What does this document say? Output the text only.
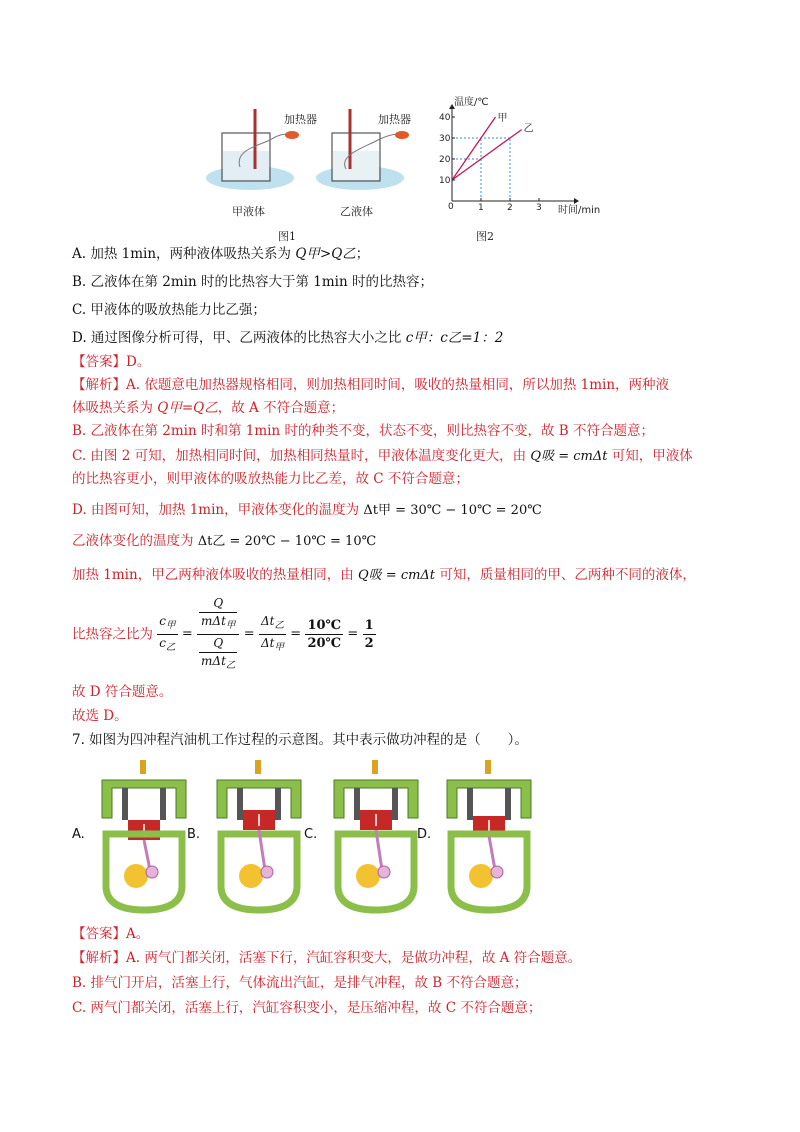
加热器	加热器
甲液体	乙液体
图1
1	2	3
10
20
30
40
温度/℃
时间/min
0
甲
乙
图2
A. 加热 1min，两种液体吸热关系为 Q甲>Q乙；
B. 乙液体在第 2min 时的比热容大于第 1min 时的比热容；
C. 甲液体的吸放热能力比乙强；
D. 通过图像分析可得，甲、乙两液体的比热容大小之比 c甲：c乙=1：2
【答案】D。
【解析】A. 依题意电加热器规格相同，则加热相同时间，吸收的热量相同，所以加热 1min，两种液
体吸热关系为 Q甲=Q乙，故 A 不符合题意；
B. 乙液体在第 2min 时和第 1min 时的种类不变，状态不变，则比热容不变，故 B 不符合题意；
C. 由图 2 可知，加热相同时间，加热相同热量时，甲液体温度变化更大，由 Q吸 = cmΔt 可知，甲液体
的比热容更小，则甲液体的吸放热能力比乙差，故 C 不符合题意；
D. 由图可知，加热 1min，甲液体变化的温度为 Δt甲 = 30℃ − 10℃ = 20℃
乙液体变化的温度为 Δt乙 = 20℃ − 10℃ = 10℃
加热 1min，甲乙两种液体吸收的热量相同，由 Q吸 = cmΔt 可知，质量相同的甲、乙两种不同的液体，
比热容之比为 $\frac{c_甲}{c_乙} = \frac{\frac{Q}{m\Delta t_甲}}{\frac{Q}{m\Delta t_乙}} = \frac{\Delta t_乙}{\Delta t_甲} = \frac{10℃}{20℃} = \frac{1}{2}$
故 D 符合题意。
故选 D。
7. 如图为四冲程汽油机工作过程的示意图。其中表示做功冲程的是（　　）。
A.	B.	C.	D.
【答案】A。
【解析】A. 两气门都关闭，活塞下行，汽缸容积变大，是做功冲程，故 A 符合题意。
B. 排气门开启，活塞上行，气体流出汽缸，是排气冲程，故 B 不符合题意；
C. 两气门都关闭，活塞上行，汽缸容积变小，是压缩冲程，故 C 不符合题意；
